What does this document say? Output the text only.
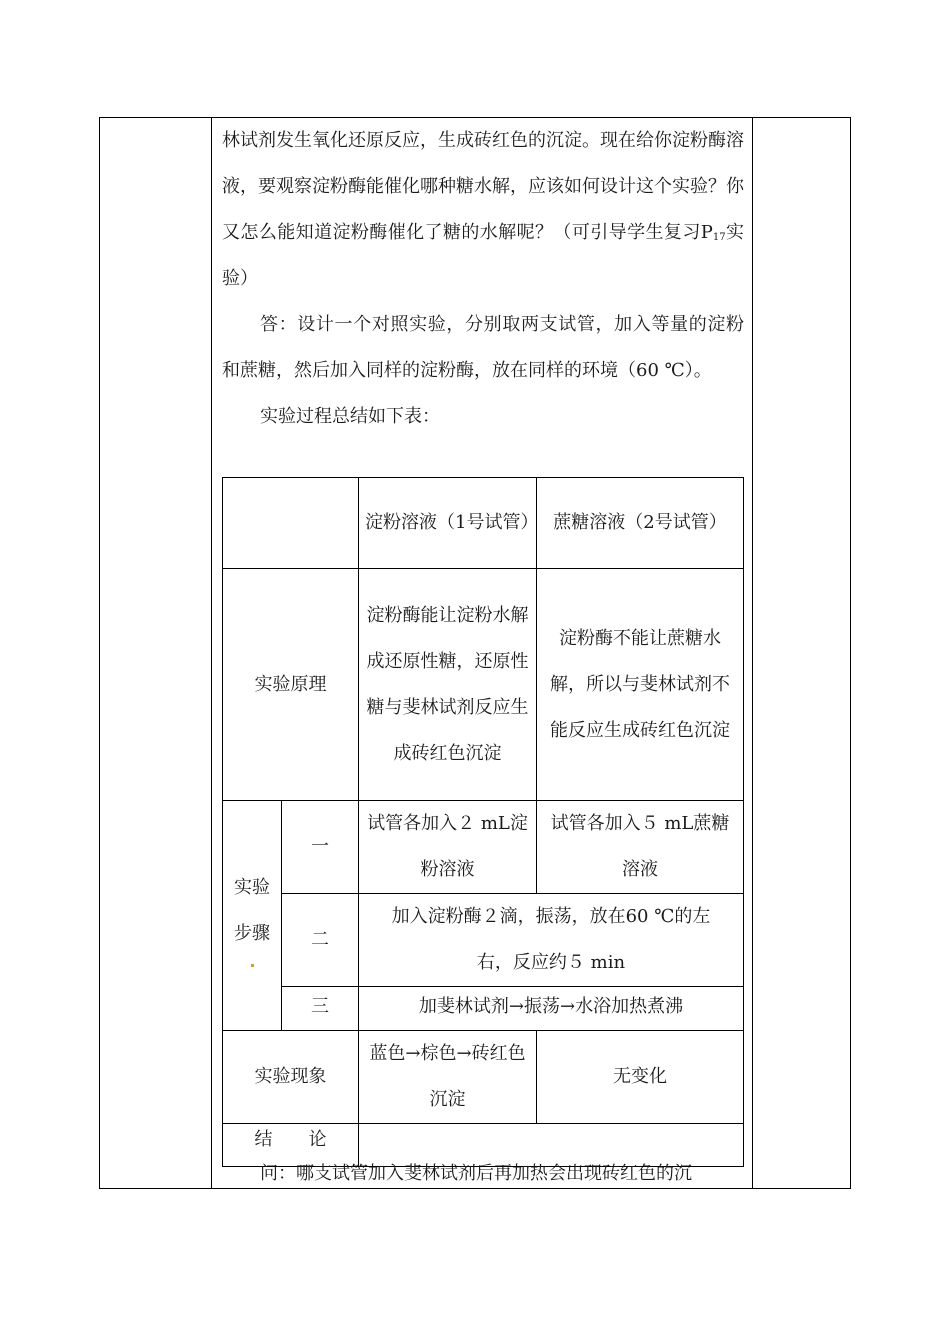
林试剂发生氧化还原反应，生成砖红色的沉淀。现在给你淀粉酶溶液，要观察淀粉酶能催化哪种糖水解，应该如何设计这个实验？你又怎么能知道淀粉酶催化了糖的水解呢？（可引导学生复习$P_{17}$实验）

答：设计一个对照实验，分别取两支试管，加入等量的淀粉和蔗糖，然后加入同样的淀粉酶，放在同样的环境（60 ℃）。

实验过程总结如下表：

		淀粉溶液（1号试管）	蔗糖溶液（2号试管）
实验原理		淀粉酶能让淀粉水解成还原性糖，还原性糖与斐林试剂反应生成砖红色沉淀	淀粉酶不能让蔗糖水解，所以与斐林试剂不能反应生成砖红色沉淀

实验
步骤	一	试管各加入２ mL淀粉溶液	试管各加入５ mL蔗糖溶液
	二	加入淀粉酶２滴，振荡，放在60 ℃的左右，反应约５ min	
	三	加斐林试剂→振荡→水浴加热煮沸	
实验现象		蓝色→棕色→砖红色沉淀	无变化
结　　论			

问：哪支试管加入斐林试剂后再加热会出现砖红色的沉
